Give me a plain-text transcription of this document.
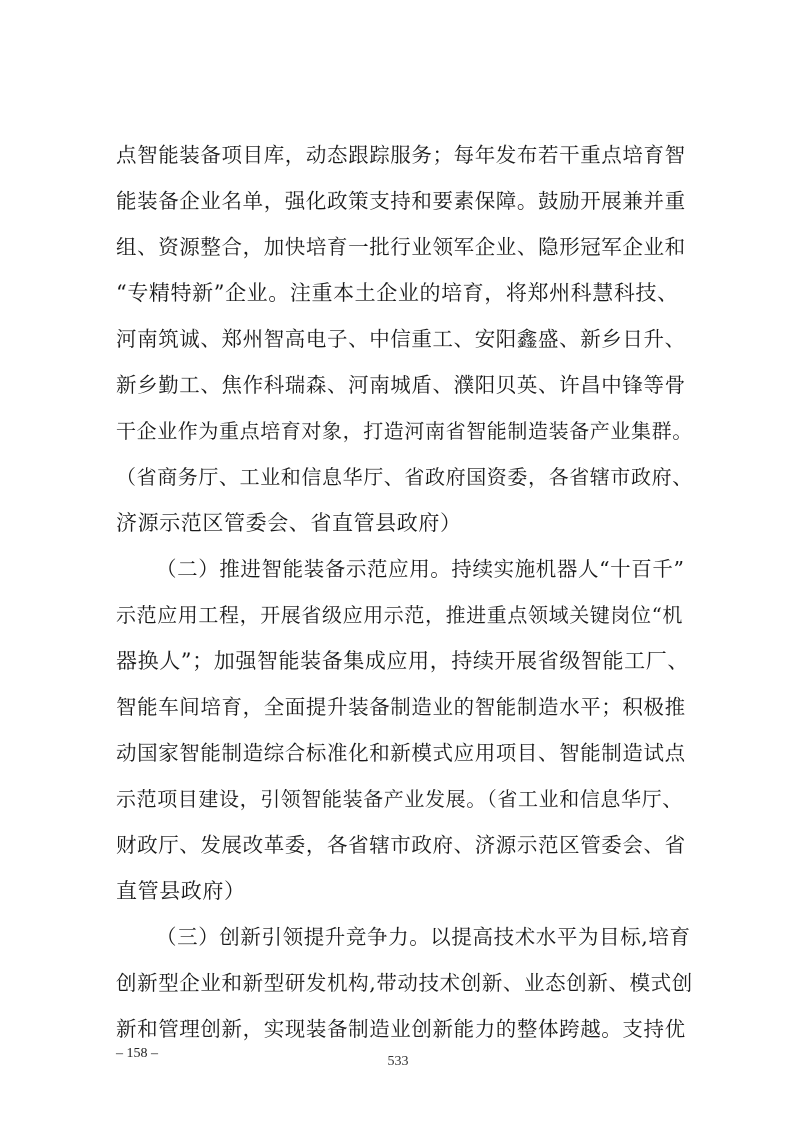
点智能装备项目库，动态跟踪服务；每年发布若干重点培育智
能装备企业名单，强化政策支持和要素保障。鼓励开展兼并重
组、资源整合，加快培育一批行业领军企业、隐形冠军企业和
“专精特新”企业。注重本土企业的培育，将郑州科慧科技、
河南筑诚、郑州智高电子、中信重工、安阳鑫盛、新乡日升、
新乡勤工、焦作科瑞森、河南城盾、濮阳贝英、许昌中锋等骨
干企业作为重点培育对象，打造河南省智能制造装备产业集群。
（省商务厅、工业和信息华厅、省政府国资委，各省辖市政府、
济源示范区管委会、省直管县政府）
（二）推进智能装备示范应用。持续实施机器人“十百千”
示范应用工程，开展省级应用示范，推进重点领域关键岗位“机
器换人”；加强智能装备集成应用，持续开展省级智能工厂、
智能车间培育，全面提升装备制造业的智能制造水平；积极推
动国家智能制造综合标准化和新模式应用项目、智能制造试点
示范项目建设，引领智能装备产业发展。（省工业和信息华厅、
财政厅、发展改革委，各省辖市政府、济源示范区管委会、省
直管县政府）
（三）创新引领提升竞争力。以提高技术水平为目标,培育
创新型企业和新型研发机构,带动技术创新、业态创新、模式创
新和管理创新，实现装备制造业创新能力的整体跨越。支持优
– 158 –
533
